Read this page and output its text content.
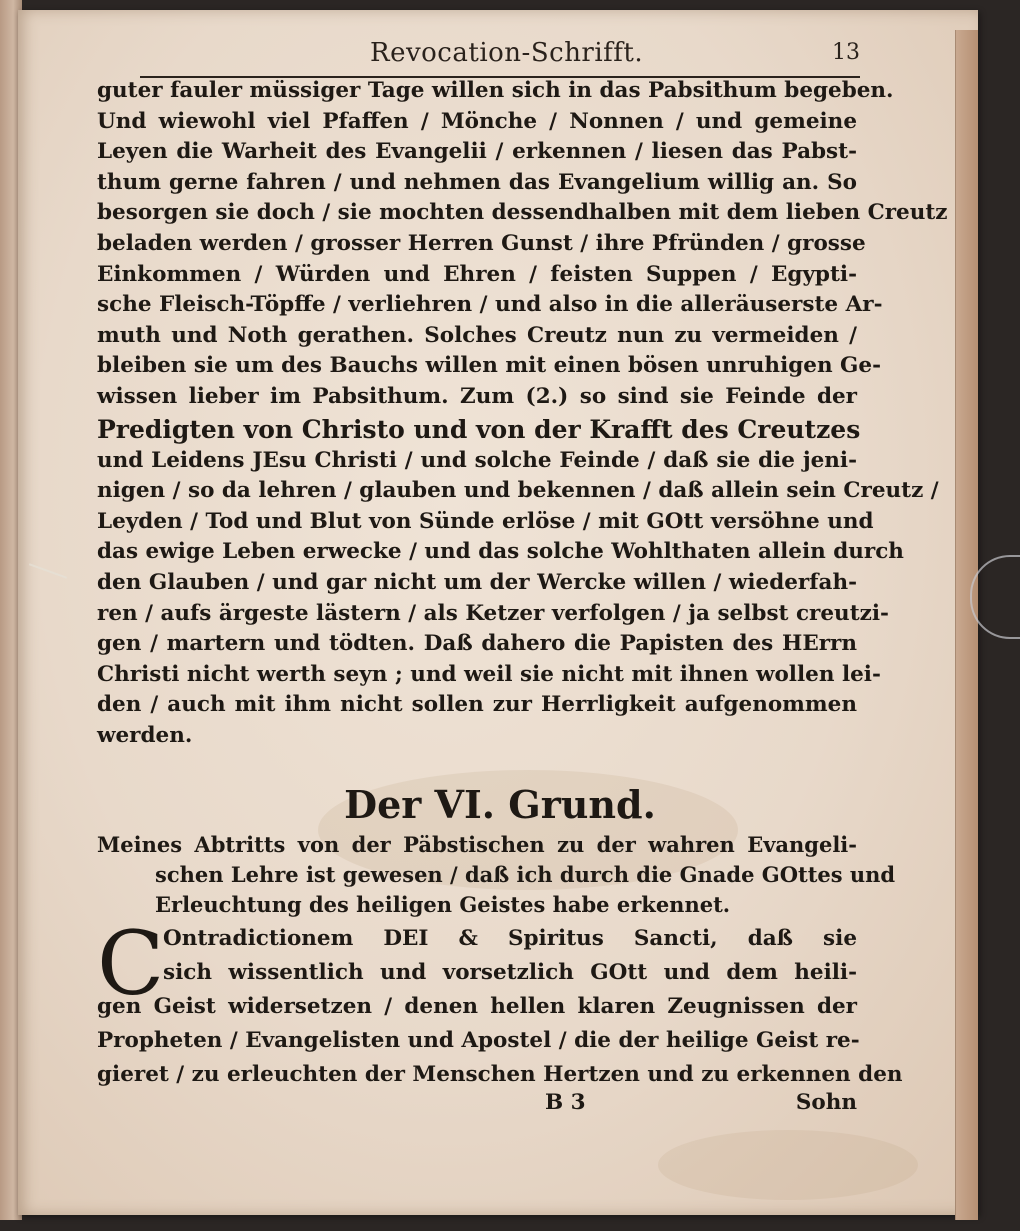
Revocation-Schrifft.	13
guter fauler müssiger Tage willen sich in das Pabsithum begeben.
Und wiewohl viel Pfaffen / Mönche / Nonnen / und gemeine
Leyen die Warheit des Evangelii / erkennen / liesen das Pabst-
thum gerne fahren / und nehmen das Evangelium willig an. So
besorgen sie doch / sie mochten dessendhalben mit dem lieben Creutz
beladen werden / grosser Herren Gunst / ihre Pfründen / grosse
Einkommen / Würden und Ehren / feisten Suppen / Egypti-
sche Fleisch-Töpffe / verliehren / und also in die alleräuserste Ar-
muth und Noth gerathen. Solches Creutz nun zu vermeiden /
bleiben sie um des Bauchs willen mit einen bösen unruhigen Ge-
wissen lieber im Pabsithum. Zum (2.) so sind sie Feinde der
Predigten von Christo und von der Krafft des Creutzes
und Leidens JEsu Christi / und solche Feinde / daß sie die jeni-
nigen / so da lehren / glauben und bekennen / daß allein sein Creutz /
Leyden / Tod und Blut von Sünde erlöse / mit GOtt versöhne und
das ewige Leben erwecke / und das solche Wohlthaten allein durch
den Glauben / und gar nicht um der Wercke willen / wiederfah-
ren / aufs ärgeste lästern / als Ketzer verfolgen / ja selbst creutzi-
gen / martern und tödten. Daß dahero die Papisten des HErrn
Christi nicht werth seyn ; und weil sie nicht mit ihnen wollen lei-
den / auch mit ihm nicht sollen zur Herrligkeit aufgenommen
werden.
Der VI. Grund.
Meines Abtritts von der Päbstischen zu der wahren Evangeli-
schen Lehre ist gewesen / daß ich durch die Gnade GOttes und
Erleuchtung des heiligen Geistes habe erkennet.
C
Ontradictionem DEI & Spiritus Sancti, daß sie
sich wissentlich und vorsetzlich GOtt und dem heili-
gen Geist widersetzen / denen hellen klaren Zeugnissen der
Propheten / Evangelisten und Apostel / die der heilige Geist re-
gieret / zu erleuchten der Menschen Hertzen und zu erkennen den
B 3	Sohn
